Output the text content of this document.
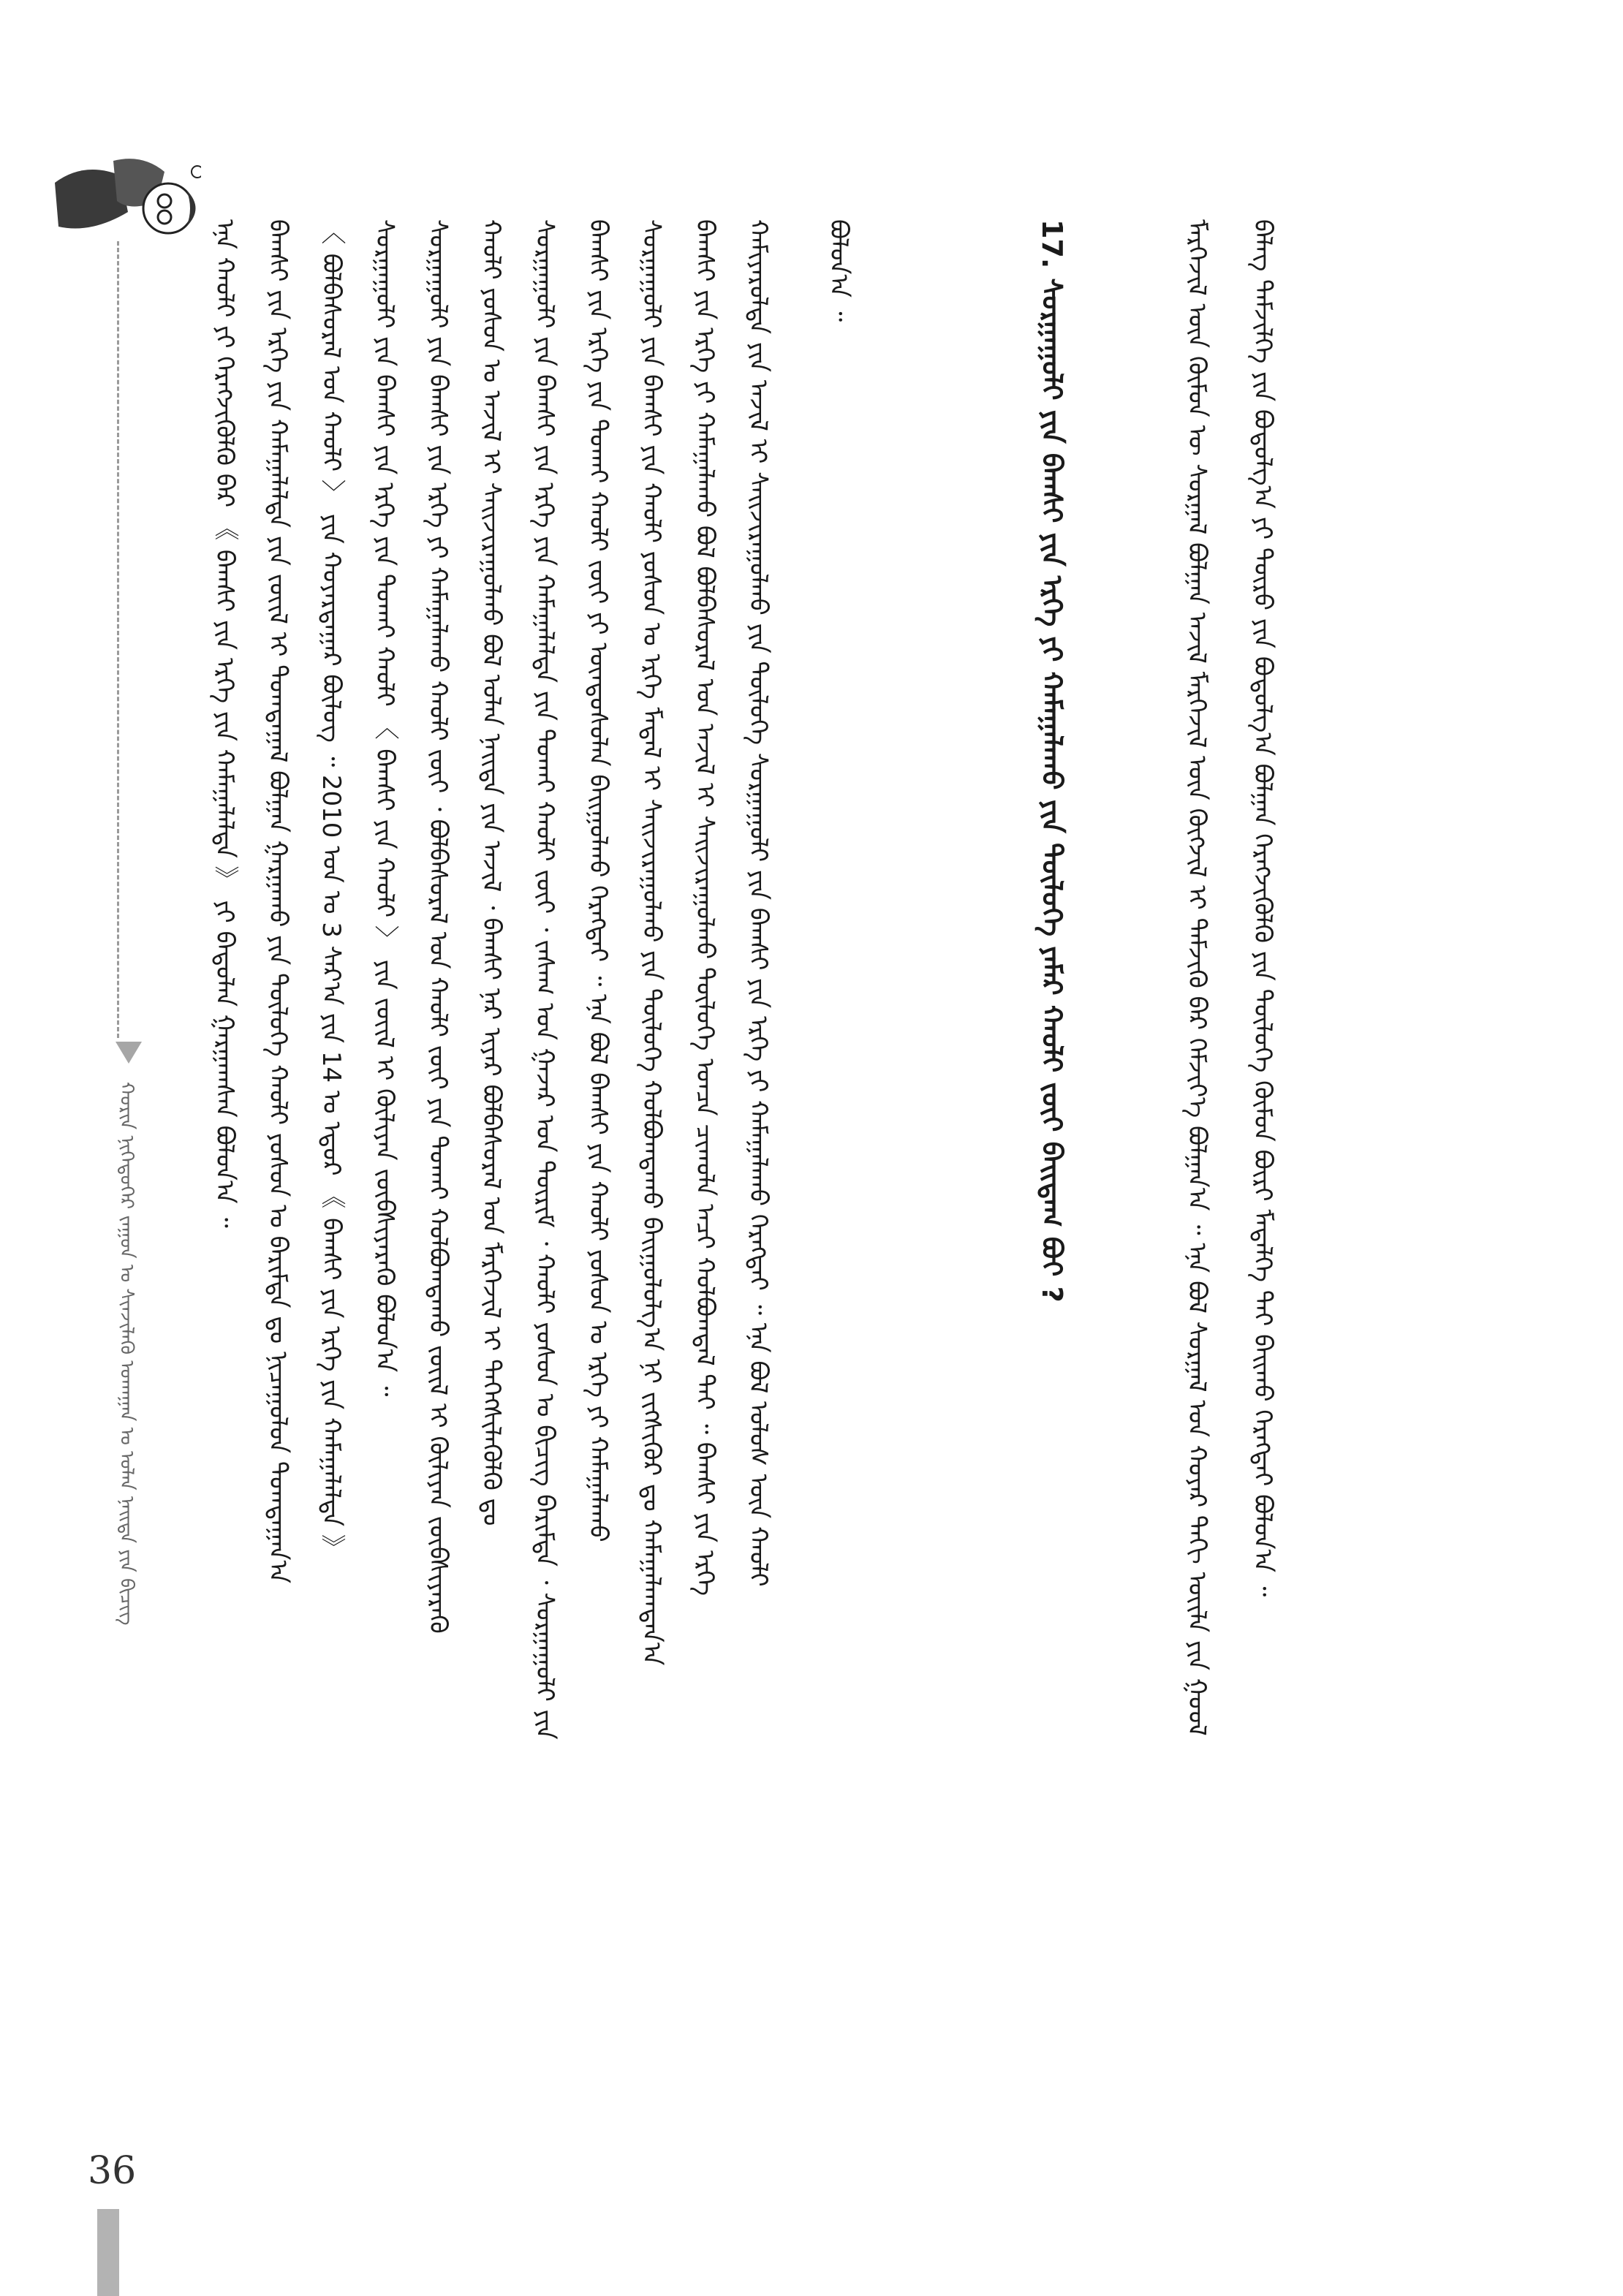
36
ᠬᠣᠷᠢᠨ ᠨᠢᠭᠡᠳᠦᠭᠡᠷ ᠵᠠᠭᠤᠨ ᠤ ᠰᠢᠨᠵᠢᠯᠡᠬᠦ ᠤᠬᠠᠭᠠᠨ ᠤ ᠤᠯᠠᠨ ᠨᠡᠢᠲᠡ ᠶᠢᠨ ᠪᠢᠴᠢᠭ
ᠡᠨᠡ ᠬᠠᠤᠯᠢ ᠶᠢ ᠬᠡᠷᠡᠭᠵᠢᠭᠦᠯᠬᠦ ᠪᠠᠷ 《 ᠪᠠᠭᠰᠢ ᠶᠢᠨ ᠡᠷᠬᠡ ᠶᠢᠨ ᠬᠠᠮᠠᠭᠠᠯᠠᠯᠲᠠ 》 ᠶᠢ ᠪᠠᠲᠤᠯᠠᠨ ᠭᠠᠷᠭᠠᠭᠰᠠᠨ ᠪᠣᠯᠤᠨ᠎ᠠ ᠃ ᠪᠠᠭᠰᠢ ᠶᠢᠨ ᠡᠷᠬᠡ ᠶᠢᠨ ᠬᠠᠮᠠᠭᠠᠯᠠᠯᠲᠠ ᠶᠢᠨ ᠵᠦᠢᠯ ᠢ ᠲᠣᠭᠲᠠᠭᠠᠯ ᠪᠣᠯᠭᠠᠨ ᠭᠠᠷᠭᠠᠬᠤ ᠶᠢᠨ ᠲᠥᠯᠥᠭᠡ ᠬᠠᠤᠯᠢ ᠶᠣᠰᠣᠨ ᠤ ᠪᠠᠷᠢᠮᠲᠠ ᠳᠤ ᠨᠢᠴᠠᠭᠤᠯᠤᠨ ᠲᠣᠭᠲᠠᠭᠠᠨ᠎ᠠ 〈 ᠪᠣᠯᠪᠠᠰᠤᠷᠠᠯ ᠤᠨ ᠬᠠᠤᠯᠢ 〉 ᠶᠢᠨ ᠬᠣᠶᠠᠷᠳᠠᠭᠠᠷ ᠪᠦᠯᠦᠭ ᠃ 2010 ᠣᠨ ᠤ 3 ᠰᠠᠷ᠎ᠠ ᠶᠢᠨ 14 ᠤ ᠡᠳᠦᠷ 《 ᠪᠠᠭᠰᠢ ᠶᠢᠨ ᠡᠷᠬᠡ ᠶᠢᠨ ᠬᠠᠮᠠᠭᠠᠯᠠᠯᠲᠠ 》 ᠰᠤᠷᠭᠠᠭᠤᠯᠢ ᠶᠢᠨ ᠪᠠᠭᠰᠢ ᠶᠢᠨ ᠡᠷᠬᠡ ᠶᠢᠨ ᠲᠤᠬᠠᠢ ᠬᠠᠤᠯᠢ 〈 ᠪᠠᠭᠰᠢ ᠶᠢᠨ ᠬᠠᠤᠯᠢ 〉 ᠶᠢᠨ ᠵᠦᠢᠯ ᠢ ᠬᠦᠯᠢᠶᠡᠨ ᠵᠥᠪᠰᠢᠶᠡᠷᠡᠬᠦ ᠪᠣᠯᠤᠨ᠎ᠠ ᠃ ᠰᠤᠷᠭᠠᠭᠤᠯᠢ ᠶᠢᠨ ᠪᠠᠭᠰᠢ ᠶᠢᠨ ᠡᠷᠬᠡ ᠶᠢ ᠬᠠᠮᠠᠭᠠᠯᠠᠬᠤ ᠬᠠᠤᠯᠢ ᠵᠦᠢ ᠂ ᠪᠣᠯᠪᠠᠰᠤᠷᠠᠯ ᠤᠨ ᠬᠠᠤᠯᠢ ᠵᠦᠢ ᠶᠢᠨ ᠲᠤᠬᠠᠢ ᠬᠣᠯᠪᠣᠭᠳᠠᠬᠤ ᠵᠦᠢᠯ ᠢ ᠬᠦᠯᠢᠶᠡᠨ ᠵᠥᠪᠰᠢᠶᠡᠷᠡᠬᠦ ᠬᠠᠤᠯᠢ ᠶᠣᠰᠣᠨ ᠤ ᠠᠵᠢᠯ ᠢ ᠰᠠᠢᠵᠢᠷᠠᠭᠤᠯᠬᠤ ᠪᠣᠯ ᠣᠯᠠᠨ ᠨᠡᠢᠲᠡ ᠶᠢᠨ ᠠᠵᠢᠯ ᠂ ᠪᠠᠭᠰᠢ ᠨᠠᠷ ᠢᠶᠠᠷ ᠪᠣᠯᠪᠠᠰᠤᠷᠠᠯ ᠤᠨ ᠮᠡᠷᠭᠡᠵᠢᠯ ᠢ ᠳᠡᠭᠡᠭᠰᠢᠯᠡᠭᠦᠯᠬᠦ ᠳᠤ ᠰᠤᠷᠭᠠᠭᠤᠯᠢ ᠶᠢᠨ ᠪᠠᠭᠰᠢ ᠶᠢᠨ ᠡᠷᠬᠡ ᠶᠢᠨ ᠬᠠᠮᠠᠭᠠᠯᠠᠯᠲᠠ ᠶᠢᠨ ᠲᠤᠬᠠᠢ ᠬᠠᠤᠯᠢ ᠵᠦᠢ ᠂ ᠵᠠᠰᠠᠭ ᠤᠨ ᠭᠠᠵᠠᠷ ᠤᠨ ᠳᠦᠷᠢᠮ ᠂ ᠬᠠᠤᠯᠢ ᠶᠣᠰᠣᠨ ᠤ ᠪᠢᠴᠢᠭ ᠪᠠᠷᠢᠮᠲᠠ ᠂ ᠰᠤᠷᠭᠠᠭᠤᠯᠢ ᠶᠢᠨ ᠪᠠᠭᠰᠢ ᠶᠢᠨ ᠡᠷᠬᠡ ᠶᠢᠨ ᠲᠤᠬᠠᠢ ᠬᠠᠤᠯᠢ ᠵᠦᠢ ᠶᠢ ᠦᠨᠳᠦᠰᠦᠯᠡᠨ ᠪᠠᠢᠭᠤᠯᠬᠤ ᠬᠡᠷᠡᠭᠲᠡᠢ ᠃ ᠡᠨᠡ ᠪᠣᠯ ᠪᠠᠭᠰᠢ ᠶᠢᠨ ᠬᠠᠤᠯᠢ ᠶᠣᠰᠣᠨ ᠤ ᠡᠷᠬᠡ ᠶᠢ ᠬᠠᠮᠠᠭᠠᠯᠠᠬᠤ ᠰᠤᠷᠭᠠᠭᠤᠯᠢ ᠶᠢᠨ ᠪᠠᠭᠰᠢ ᠶᠢᠨ ᠬᠠᠤᠯᠢ ᠶᠣᠰᠣᠨ ᠤ ᠡᠷᠬᠡ ᠮᠡᠳᠡᠯ ᠢ ᠰᠠᠢᠵᠢᠷᠠᠭᠤᠯᠬᠤ ᠶᠢᠨ ᠲᠥᠯᠥᠭᠡ ᠬᠣᠯᠪᠣᠭᠳᠠᠬᠤ ᠪᠠᠢᠭᠤᠯᠤᠯᠭ᠎ᠠ ᠨᠢ ᠵᠢᠭᠰᠢᠭᠦᠷ ᠳᠤ ᠬᠠᠮᠠᠭᠠᠯᠠᠭᠳᠠᠨ᠎ᠠ ᠪᠠᠭᠰᠢ ᠶᠢᠨ ᠡᠷᠬᠡ ᠶᠢ ᠬᠠᠮᠠᠭᠠᠯᠠᠬᠤ ᠪᠣᠯ ᠪᠣᠯᠪᠠᠰᠤᠷᠠᠯ ᠤᠨ ᠠᠵᠢᠯ ᠢ ᠰᠠᠢᠵᠢᠷᠠᠭᠤᠯᠬᠤ ᠲᠥᠯᠥᠭᠡ ᠣᠨᠴᠠ ᠴᠢᠬᠤᠯᠠ ᠠᠴᠢ ᠬᠣᠯᠪᠣᠭᠳᠠᠯ ᠲᠠᠢ ᠃ ᠪᠠᠭᠰᠢ ᠶᠢᠨ ᠡᠷᠬᠡ ᠬᠠᠮᠢᠶᠠᠷᠤᠯᠲᠠ ᠶᠢᠨ ᠠᠵᠢᠯ ᠢ ᠰᠠᠢᠵᠢᠷᠠᠭᠤᠯᠬᠤ ᠶᠢᠨ ᠲᠥᠯᠥᠭᠡ ᠰᠤᠷᠭᠠᠭᠤᠯᠢ ᠶᠢᠨ ᠪᠠᠭᠰᠢ ᠶᠢᠨ ᠡᠷᠬᠡ ᠶᠢ ᠬᠠᠮᠠᠭᠠᠯᠠᠬᠤ ᠬᠡᠷᠡᠭᠲᠡᠢ ᠃ ᠡᠨᠡ ᠪᠣᠯ ᠤᠯᠤᠰ ᠦᠨ ᠬᠠᠤᠯᠢ ᠪᠣᠯᠤᠨ᠎ᠠ ᠃	17. ᠰᠤᠷᠭᠠᠭᠤᠯᠢ ᠶᠢᠨ ᠪᠠᠭᠰᠢ ᠶᠢᠨ ᠡᠷᠬᠡ ᠶᠢ ᠬᠠᠮᠠᠭᠠᠯᠠᠬᠤ ᠶᠢᠨ ᠲᠥᠯᠥᠭᠡ ᠶᠠᠮᠠᠷ ᠬᠠᠤᠯᠢ ᠵᠦᠢ ᠪᠠᠢᠳᠠᠭ ᠪᠤᠢ ?	ᠮᠡᠷᠭᠡᠵᠢᠯ ᠦᠨ ᠬᠦᠮᠦᠨ ᠦ ᠰᠤᠷᠭᠠᠯ ᠪᠣᠯᠭᠠᠨ ᠠᠵᠢᠯ ᠮᠡᠷᠭᠡᠵᠢᠯ ᠦᠨ ᠬᠥᠭᠵᠢᠯ ᠢ ᠳᠡᠮᠵᠢᠬᠦ ᠪᠡᠷ ᠬᠡᠮᠵᠢᠶ᠎ᠡ ᠪᠣᠯᠭᠠᠨ᠎ᠠ ᠃ ᠡᠨᠡ ᠪᠣᠯ ᠰᠤᠷᠭᠠᠯ ᠤᠨ ᠬᠣᠶᠠᠷ ᠳᠠᠬᠢ ᠦᠢᠯᠡ ᠶᠢᠨ ᠭᠣᠣᠯ ᠪᠡᠯᠡᠭ ᠳᠡᠮᠵᠢᠯᠭᠡ ᠶᠢᠨ ᠪᠣᠳᠣᠯᠭ᠎ᠠ ᠶᠢ ᠲᠥᠷᠥ ᠶᠢᠨ ᠪᠣᠳᠣᠯᠭ᠎ᠠ ᠪᠣᠯᠭᠠᠨ ᠬᠡᠷᠡᠭᠵᠢᠭᠦᠯᠬᠦ ᠶᠢᠨ ᠲᠥᠯᠥᠭᠡ ᠬᠦᠮᠦᠨ ᠪᠦᠷᠢ ᠮᠡᠳᠡᠯᠭᠡ ᠲᠡᠢ ᠪᠠᠢᠬᠤ ᠬᠡᠷᠡᠭᠲᠡᠢ ᠪᠣᠯᠤᠨ᠎ᠠ ᠃
